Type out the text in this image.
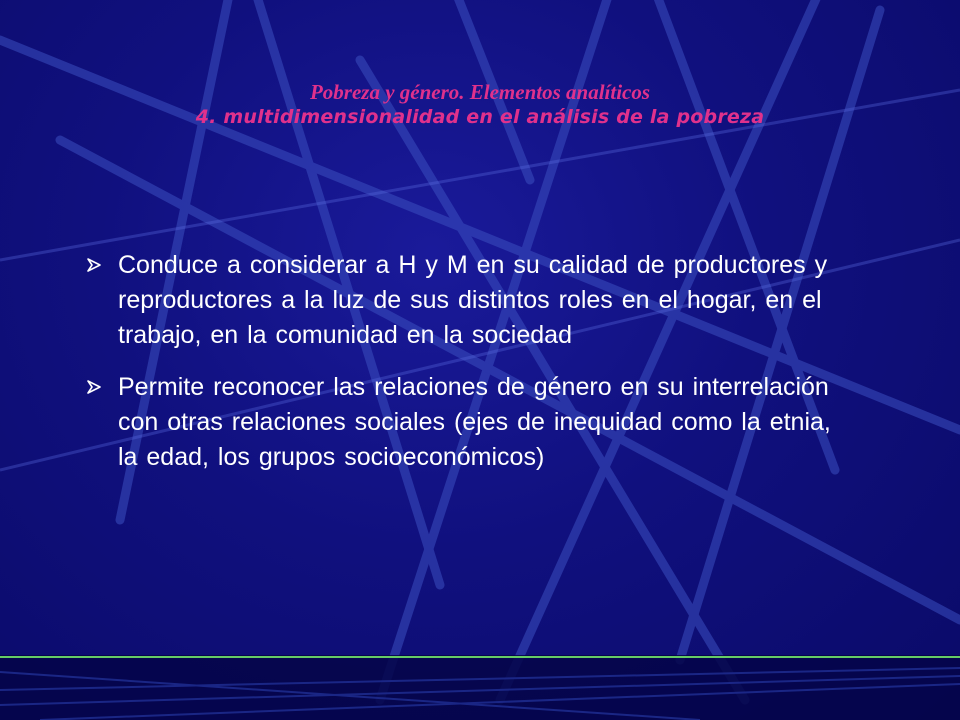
Pobreza y género. Elementos analíticos
4. multidimensionalidad en el análisis de la pobreza
Conduce a considerar a H y M en su calidad de productores y reproductores a la luz de sus distintos roles en el hogar, en el trabajo, en la comunidad en la sociedad
Permite reconocer las relaciones de género en su interrelación con otras relaciones sociales (ejes de inequidad como la etnia, la edad, los grupos socioeconómicos)
